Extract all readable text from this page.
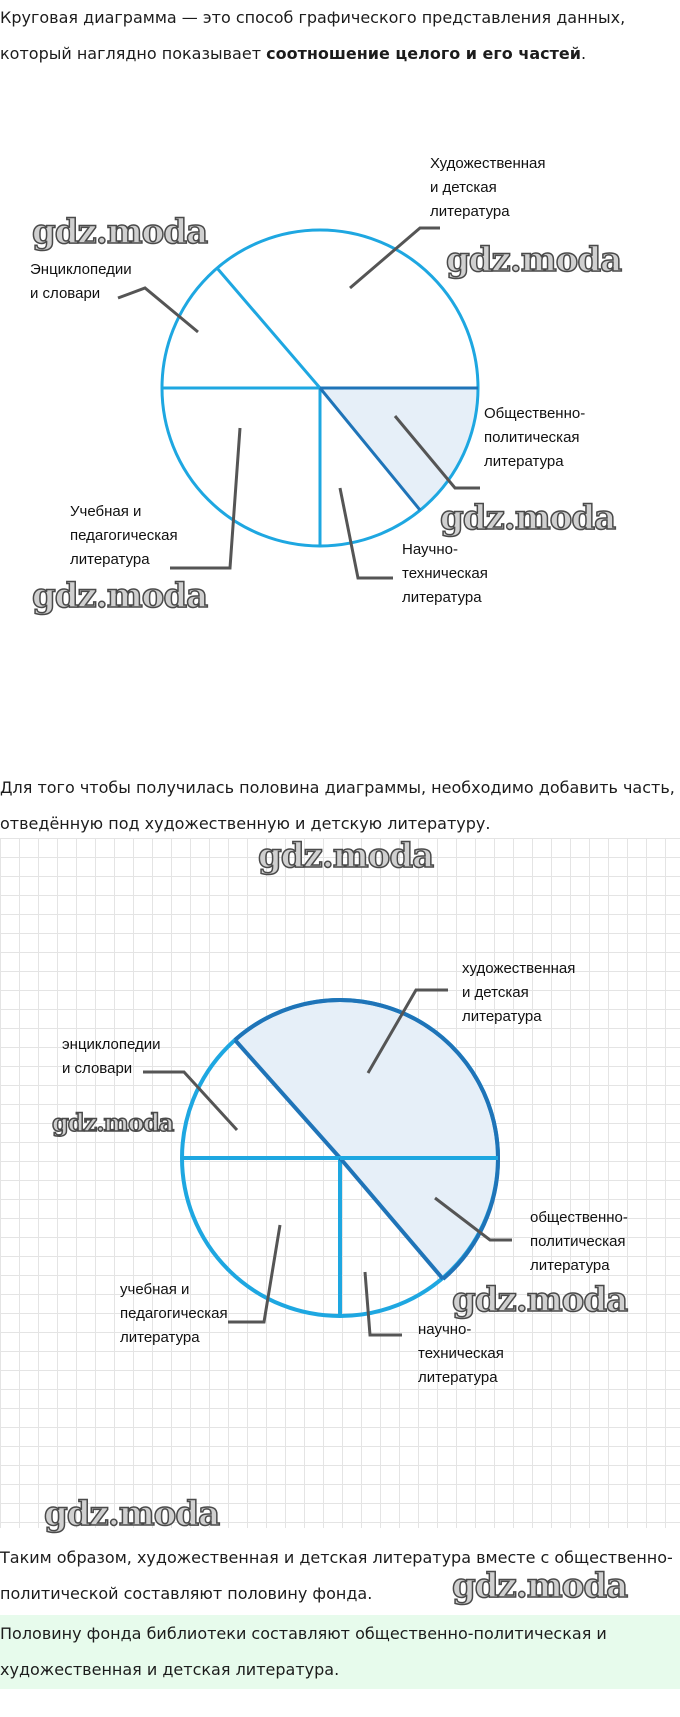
Круговая диаграмма — это способ графического представления данных,
который наглядно показывает соотношение целого и его частей.

Художественная
и детская
литература
Энциклопедии
и словари
Общественно-
политическая
литература
Учебная и
педагогическая
литература
Научно-
техническая
литература
gdz.moda
gdz.moda
gdz.moda
gdz.moda

Для того чтобы получилась половина диаграммы, необходимо добавить часть,
отведённую под художественную и детскую литературу.

художественная
и детская
литература
энциклопедии
и словари
общественно-
политическая
литература
учебная и
педагогическая
литература	научно-
техническая
литература
gdz.moda
gdz.moda
gdz.moda
gdz.moda

Таким образом, художественная и детская литература вместе с общественно-
политической составляют половину фонда.	gdz.moda

Половину фонда библиотеки составляют общественно-политическая и
художественная и детская литература.
